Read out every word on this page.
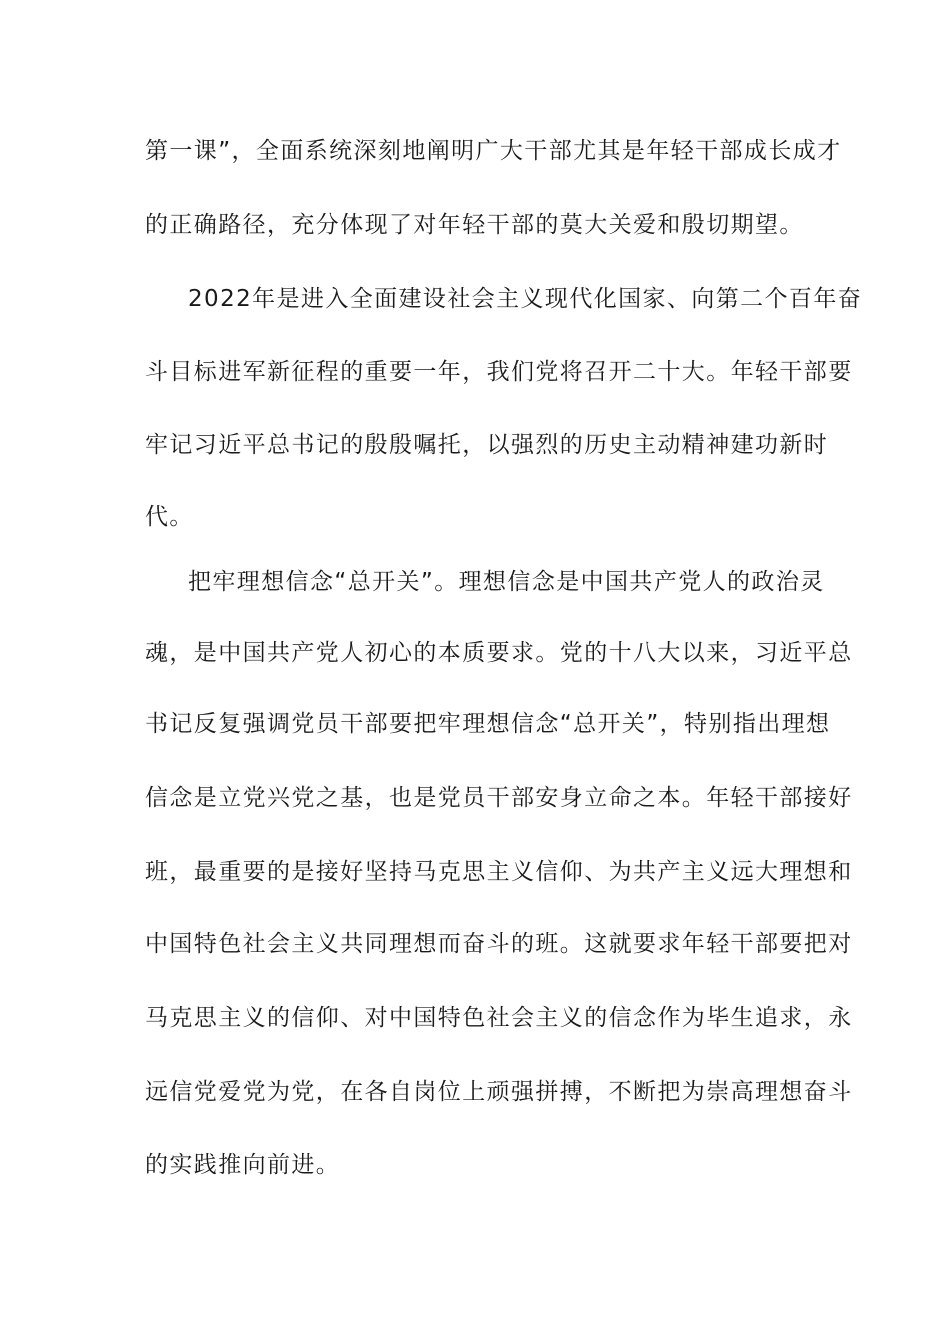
第一课”，全面系统深刻地阐明广大干部尤其是年轻干部成长成才

的正确路径，充分体现了对年轻干部的莫大关爱和殷切期望。

2022年是进入全面建设社会主义现代化国家、向第二个百年奋

斗目标进军新征程的重要一年，我们党将召开二十大。年轻干部要

牢记习近平总书记的殷殷嘱托，以强烈的历史主动精神建功新时

代。

把牢理想信念“总开关”。理想信念是中国共产党人的政治灵

魂，是中国共产党人初心的本质要求。党的十八大以来，习近平总

书记反复强调党员干部要把牢理想信念“总开关”，特别指出理想

信念是立党兴党之基，也是党员干部安身立命之本。年轻干部接好

班，最重要的是接好坚持马克思主义信仰、为共产主义远大理想和

中国特色社会主义共同理想而奋斗的班。这就要求年轻干部要把对

马克思主义的信仰、对中国特色社会主义的信念作为毕生追求，永

远信党爱党为党，在各自岗位上顽强拼搏，不断把为崇高理想奋斗

的实践推向前进。
